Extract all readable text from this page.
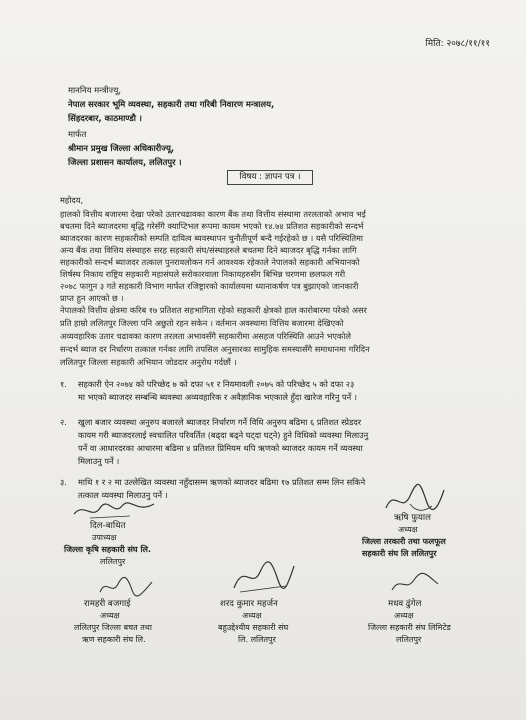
मिति: २०७८/११/११
माननिय मन्त्रीज्यू,
नेपाल सरकार भूमि व्यवस्था, सहकारी तथा गरिबी निवारण मन्त्रालय,
सिंहदरबार, काठमाण्डौ ।
मार्फत
श्रीमान प्रमुख जिल्ला अधिकारीज्यू,
जिल्ला प्रशासन कार्यालय, ललितपुर ।
विषय : ज्ञापन पत्र ।
महोदय,
हालको वित्तीय बजारमा देखा परेको उतारचढावका कारण बैंक तथा वित्तीय संस्थामा तरलताको अभाव भई
बचतमा दिने ब्याजदरमा बृद्धि गरेसँगै क्याप्टिभल रूपमा कायम भएको १४.७४ प्रतिशत सहकारीको सन्दर्भ
ब्याजदरका कारण सहकारीको सम्पति दायित्व ब्यवस्थापन चुनौतीपूर्ण बन्दै गईरहेको छ । यसै परिस्थितिमा
अन्य बैंक तथा वित्तिय संस्थाहरु सरह सहकारी संघ/संस्थाहरुले बचतमा दिने ब्याजदर बृद्धि गर्नका लागि
सहकारीको सन्दर्भ ब्याजदर तत्काल पुनरावलोकन गर्न आवश्यक रहेकाले नेपालको सहकारी अभियानको
शिर्षस्थ निकाय राष्ट्रिय सहकारी महासंघले सरोकारवाला निकायहरुसँग बिभिन्न चरणमा छलफल गरी
२०७८ फागुन ३ गते सहकारी विभाग मार्फत रजिष्ट्रारको कार्यालयमा ध्यानाकर्षण पत्र बुझाएको जानकारी
प्राप्त हुन आएको छ ।
नेपालको वित्तीय क्षेत्रमा करिब १७ प्रतिशत सहभागिता रहेको सहकारी क्षेत्रको हाल कारोबारमा परेको असर
प्रति हाम्रो ललितपुर जिल्ला पनि अछुतो रहन सकेन । वर्तमान अवस्थामा वित्तिय बजारमा देखिएको
अव्यवहारिक उतार चढावका कारण तरलता अभावसँगै सहकारीमा असहज परिस्थिति आउने भएकोले
सन्दर्भ ब्याज दर निर्धारण तत्काल गर्नका लागि तपसिल अनुसारका सामुहिक समस्यासँगै समाधानमा गरिदिन
ललितपुर जिल्ला सहकारी अभियान जोडदार अनुरोध गर्दछौं ।
१. सहकारी ऐन २०७४ को परिच्छेद ७ को दफा ५१ र नियमावली २०७५ को परिच्छेद ५ को दफा २३
मा भएको ब्याजदर सम्बन्धि ब्यवस्था अव्यवहारिक र अवैज्ञानिक भएकाले हुँदा खारेज गरिनु पर्ने ।
२. खुला बजार व्यवस्था अनुरुप बजारले ब्याजदर निर्धारण गर्ने विधि अनुरुप बढिमा ६ प्रतिशत स्प्रेडदर
कायम गरी ब्याजदरलाई स्वचालित परिवर्तित (बढ्दा बढ्ने घट्दा घट्ने) हुने विधिको व्यवस्था मिलाउनु
पर्ने वा आधारदरका आधारमा बढिमा ४ प्रतिशत प्रिमियम थपि ऋणको ब्याजदर कायम गर्ने व्यवस्था
मिलाउनु पर्ने ।
३. माथि १ र २ मा उल्लेखित व्यवस्था नहुँदासम्म ऋणको ब्याजदर बढिमा १७ प्रतिशत सम्म लिन सकिने
तत्काल व्यवस्था मिलाउनु पर्ने ।
दिल-बाथित
उपाध्यक्ष
जिल्ला कृषि सहकारी संघ लि.
ललितपुर
ऋषि फुयाल
अध्यक्ष
जिल्ला तरकारी तथा फलफूल
सहकारी संघ लि ललितपुर
रामहरी बजगाई
अध्यक्ष
ललितपुर जिल्ला बचत तथा
ऋण सहकारी संघ लि.
शरद कुमार महर्जन
अध्यक्ष
बहुउद्देश्यीय सहकारी संघ
लि. ललितपुर
मधव ढुंगेल
अध्यक्ष
जिल्ला सहकारी संघ लिमिटेड
ललितपुर
